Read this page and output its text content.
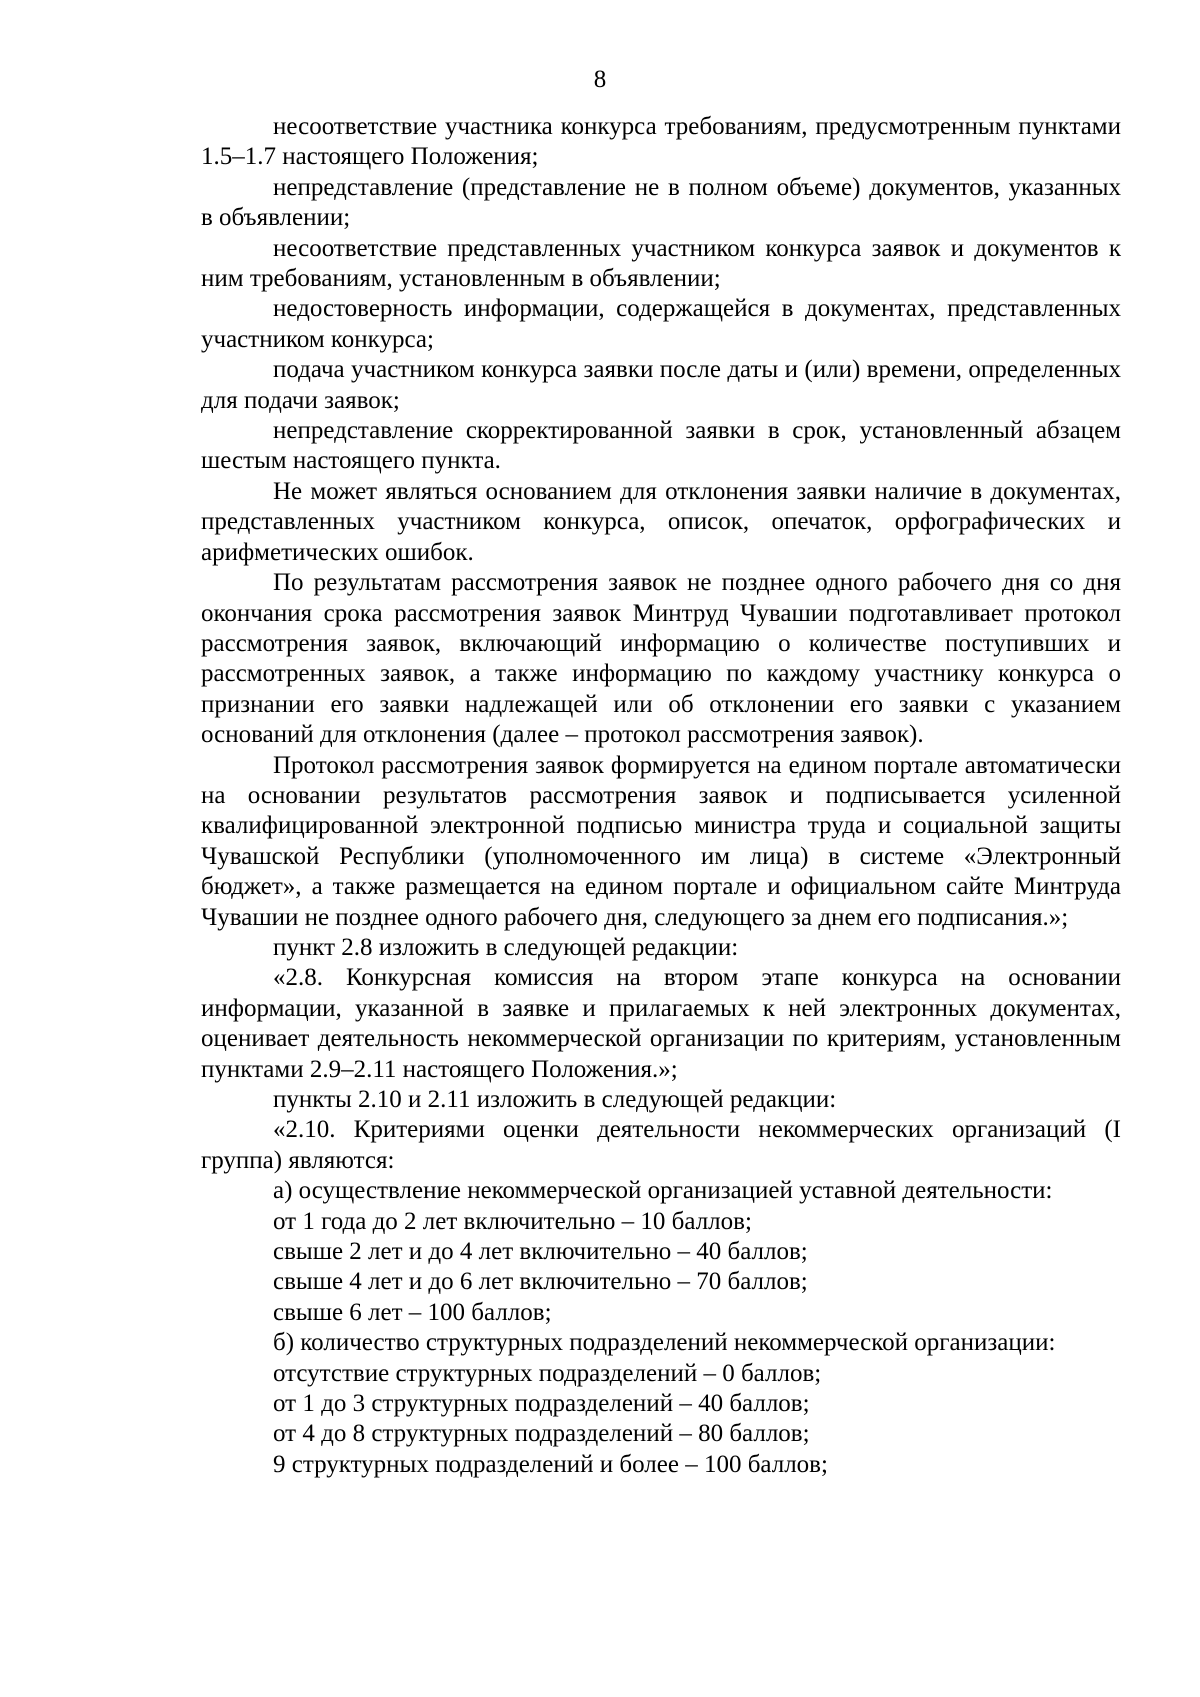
8

несоответствие участника конкурса требованиям, предусмотренным пунктами 1.5–1.7 настоящего Положения;

непредставление (представление не в полном объеме) документов, указанных в объявлении;

несоответствие представленных участником конкурса заявок и документов к ним требованиям, установленным в объявлении;

недостоверность информации, содержащейся в документах, представленных участником конкурса;

подача участником конкурса заявки после даты и (или) времени, определенных для подачи заявок;

непредставление скорректированной заявки в срок, установленный абзацем шестым настоящего пункта.

Не может являться основанием для отклонения заявки наличие в документах, представленных участником конкурса, описок, опечаток, орфографических и арифметических ошибок.

По результатам рассмотрения заявок не позднее одного рабочего дня со дня окончания срока рассмотрения заявок Минтруд Чувашии подготавливает протокол рассмотрения заявок, включающий информацию о количестве поступивших и рассмотренных заявок, а также информацию по каждому участнику конкурса о признании его заявки надлежащей или об отклонении его заявки с указанием оснований для отклонения (далее – протокол рассмотрения заявок).

Протокол рассмотрения заявок формируется на едином портале автоматически на основании результатов рассмотрения заявок и подписывается усиленной квалифицированной электронной подписью министра труда и социальной защиты Чувашской Республики (уполномоченного им лица) в системе «Электронный бюджет», а также размещается на едином портале и официальном сайте Минтруда Чувашии не позднее одного рабочего дня, следующего за днем его подписания.»;

пункт 2.8 изложить в следующей редакции:

«2.8. Конкурсная комиссия на втором этапе конкурса на основании информации, указанной в заявке и прилагаемых к ней электронных документах, оценивает деятельность некоммерческой организации по критериям, установленным пунктами 2.9–2.11 настоящего Положения.»;

пункты 2.10 и 2.11 изложить в следующей редакции:

«2.10. Критериями оценки деятельности некоммерческих организаций (I группа) являются:

а) осуществление некоммерческой организацией уставной деятельности:

от 1 года до 2 лет включительно – 10 баллов;

свыше 2 лет и до 4 лет включительно – 40 баллов;

свыше 4 лет и до 6 лет включительно – 70 баллов;

свыше 6 лет – 100 баллов;

б) количество структурных подразделений некоммерческой организации:

отсутствие структурных подразделений – 0 баллов;

от 1 до 3 структурных подразделений – 40 баллов;

от 4 до 8 структурных подразделений – 80 баллов;

9 структурных подразделений и более – 100 баллов;
